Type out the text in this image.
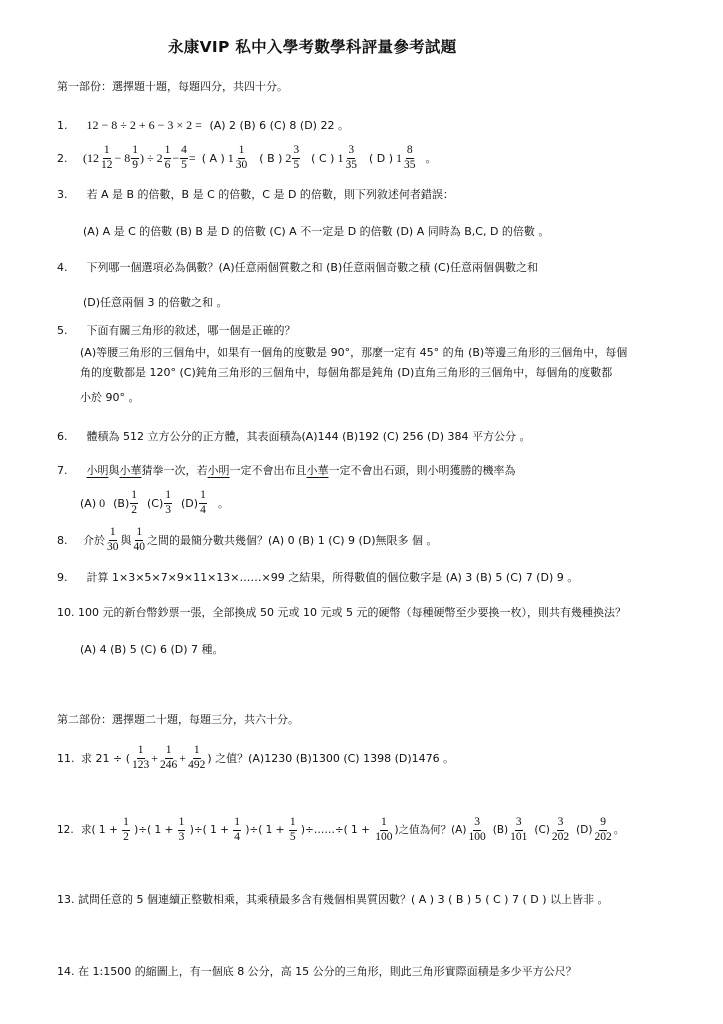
永康VIP 私中入學考數學科評量參考試題
第一部份：選擇題十題，每題四分，共四十分。
1. 12 − 8 ÷ 2 + 6 − 3 × 2 = (A) 2 (B) 6 (C) 8 (D) 22 。
2.	($12 \frac{1}{12} - 8 \frac{1}{9}$ ) ÷ $2 \frac{1}{6} - \frac{4}{5}$ = ( A ) $1 \frac{1}{30}$ ( B ) $2 \frac{3}{5}$ ( C ) $1 \frac{3}{35}$ ( D ) $1 \frac{8}{35}$ 。
3. 若 A 是 B 的倍數，B 是 C 的倍數，C 是 D 的倍數，則下列敘述何者錯誤：
(A) A 是 C 的倍數 (B) B 是 D 的倍數 (C) A 不一定是 D 的倍數 (D) A 同時為 B,C, D 的倍數 。
4. 下列哪一個選項必為偶數？(A)任意兩個質數之和 (B)任意兩個奇數之積 (C)任意兩個偶數之和
(D)任意兩個 3 的倍數之和 。
5. 下面有關三角形的敘述，哪一個是正確的？
(A)等腰三角形的三個角中，如果有一個角的度數是 90°，那麼一定有 45° 的角 (B)等邊三角形的三個角中，每個
角的度數都是 120° (C)鈍角三角形的三個角中，每個角都是鈍角 (D)直角三角形的三個角中，每個角的度數都
小於 90° 。
6. 體積為 512 立方公分的正方體，其表面積為(A)144 (B)192 (C) 256 (D) 384 平方公分 。
7. 小明與小華猜拳一次，若小明一定不會出布且小華一定不會出石頭，則小明獲勝的機率為
(A) 0 $(B) \frac{1}{2} (C) \frac{1}{3} (D) \frac{1}{4}$ 。
8.	介於 $\frac{1}{30}$ 與 $\frac{1}{40}$ 之間的最簡分數共幾個？(A) 0 (B) 1 (C) 9 (D)無限多 個 。
9. 計算 1×3×5×7×9×11×13×……×99 之結果，所得數值的個位數字是 (A) 3 (B) 5 (C) 7 (D) 9 。
10. 100 元的新台幣鈔票一張，全部換成 50 元或 10 元或 5 元的硬幣（每種硬幣至少要換一枚），則共有幾種換法？
(A) 4 (B) 5 (C) 6 (D) 7 種。
第二部份：選擇題二十題，每題三分，共六十分。
11. 求 21 ÷ ( $\frac{1}{123} + \frac{1}{246} + \frac{1}{492}$ ) 之值？(A)1230 (B)1300 (C) 1398 (D)1476 。
12. 求 ( $1 + \frac{1}{2}$ )÷( $1 + \frac{1}{3}$ )÷( $1 + \frac{1}{4}$ )÷( $1 + \frac{1}{5}$ ) ÷……÷ ( $1 + \frac{1}{100}$ )之值為何？ $(A) \frac{3}{100} (B) \frac{3}{101} (C) \frac{3}{202} (D) \frac{9}{202}$ 。
13. 試問任意的 5 個連續正整數相乘，其乘積最多含有幾個相異質因數？( A ) 3 ( B ) 5 ( C ) 7 ( D ) 以上皆非 。
14. 在 1:1500 的縮圖上，有一個底 8 公分，高 15 公分的三角形，則此三角形實際面積是多少平方公尺？
